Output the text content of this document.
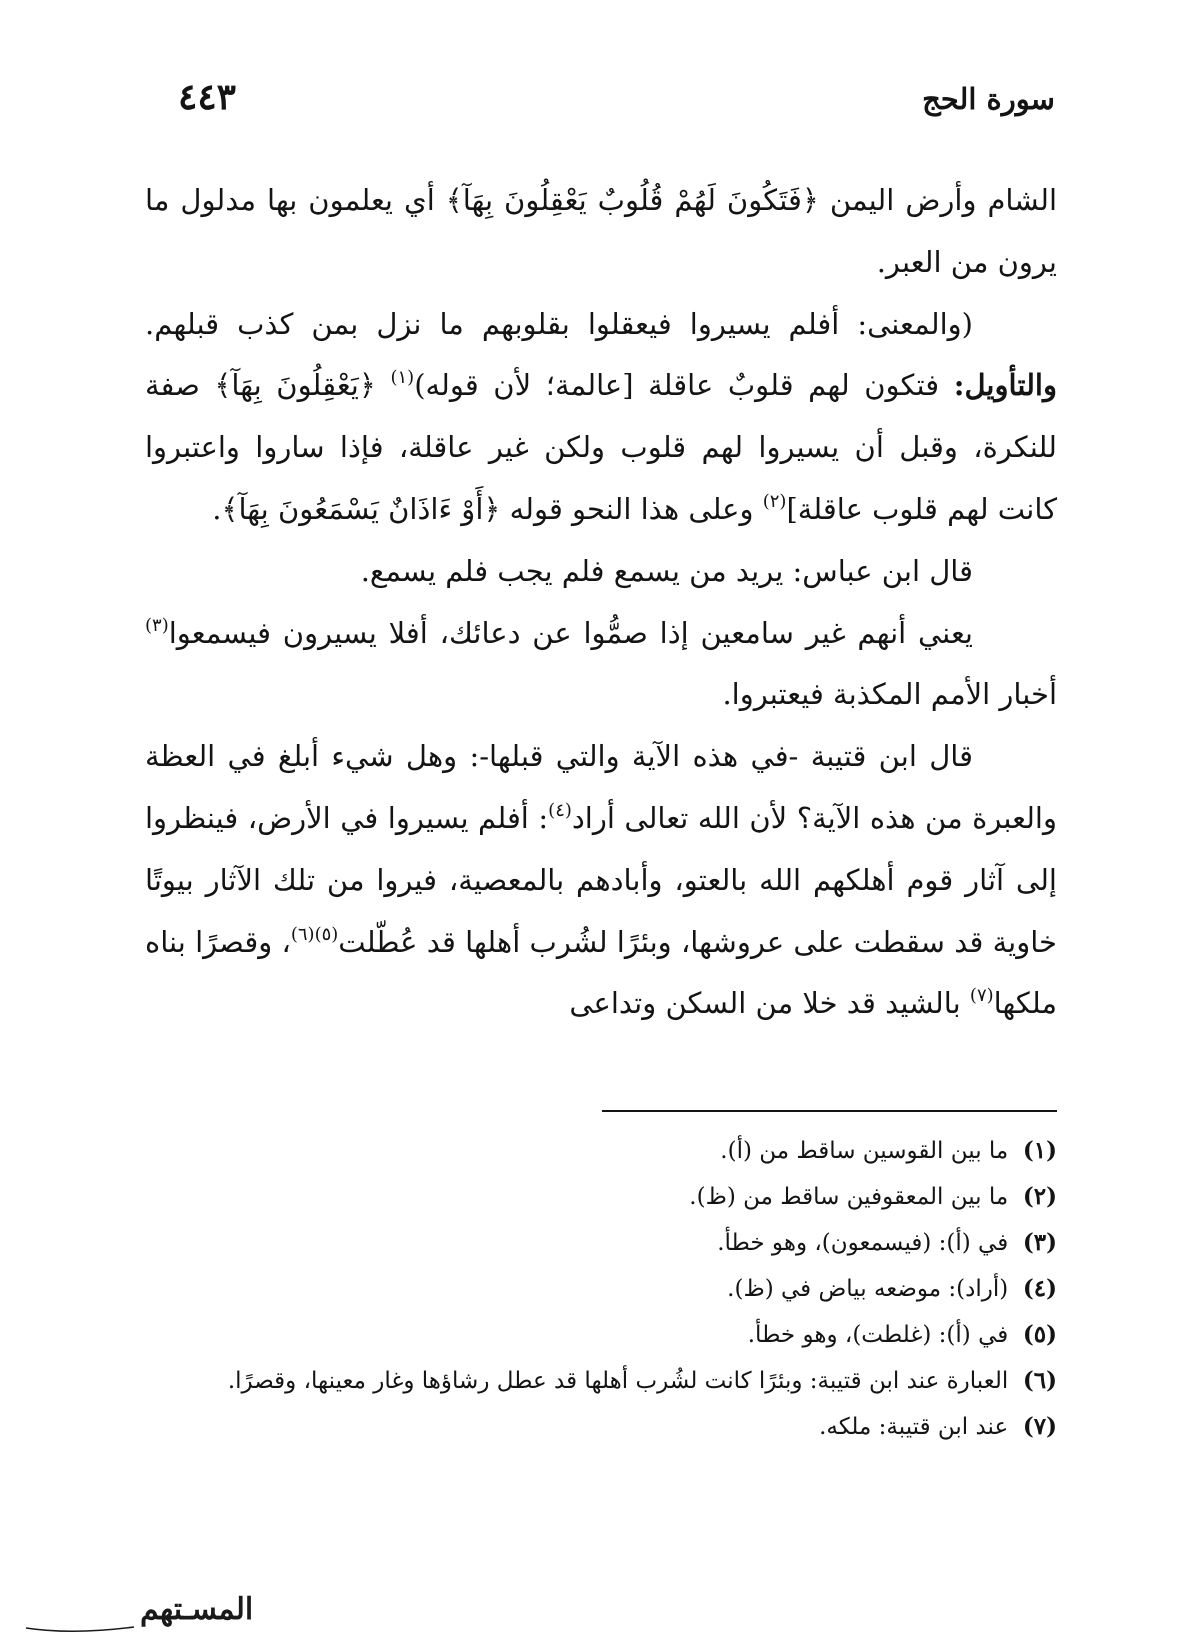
سورة الحج
٤٤٣

الشام وأرض اليمن ﴿فَتَكُونَ لَهُمْ قُلُوبٌ يَعْقِلُونَ بِهَآ﴾ أي يعلمون بها مدلول ما يرون من العبر.

(والمعنى: أفلم يسيروا فيعقلوا بقلوبهم ما نزل بمن كذب قبلهم. والتأويل: فتكون لهم قلوبٌ عاقلة [عالمة؛ لأن قوله)$^{(١)}$ ﴿يَعْقِلُونَ بِهَآ﴾ صفة للنكرة، وقبل أن يسيروا لهم قلوب ولكن غير عاقلة، فإذا ساروا واعتبروا كانت لهم قلوب عاقلة]$^{(٢)}$ وعلى هذا النحو قوله ﴿أَوْ ءَاذَانٌ يَسْمَعُونَ بِهَآ﴾.

قال ابن عباس: يريد من يسمع فلم يجب فلم يسمع.

يعني أنهم غير سامعين إذا صمُّوا عن دعائك، أفلا يسيرون فيسمعوا$^{(٣)}$ أخبار الأمم المكذبة فيعتبروا.

قال ابن قتيبة -في هذه الآية والتي قبلها-: وهل شيء أبلغ في العظة والعبرة من هذه الآية؟ لأن الله تعالى أراد$^{(٤)}$: أفلم يسيروا في الأرض، فينظروا إلى آثار قوم أهلكهم الله بالعتو، وأبادهم بالمعصية، فيروا من تلك الآثار بيوتًا خاوية قد سقطت على عروشها، وبئرًا لشُرب أهلها قد عُطّلت$^{(٥)(٦)}$، وقصرًا بناه ملكها$^{(٧)}$ بالشيد قد خلا من السكن وتداعى

(١)  ما بين القوسين ساقط من (أ).

(٢)  ما بين المعقوفين ساقط من (ظ).

(٣)  في (أ): (فيسمعون)، وهو خطأ.

(٤)  (أراد): موضعه بياض في (ظ).

(٥)  في (أ): (غلطت)، وهو خطأ.

(٦)  العبارة عند ابن قتيبة: وبئرًا كانت لشُرب أهلها قد عطل رشاؤها وغار معينها، وقصرًا.

(٧)  عند ابن قتيبة: ملكه.

المسـتهم
